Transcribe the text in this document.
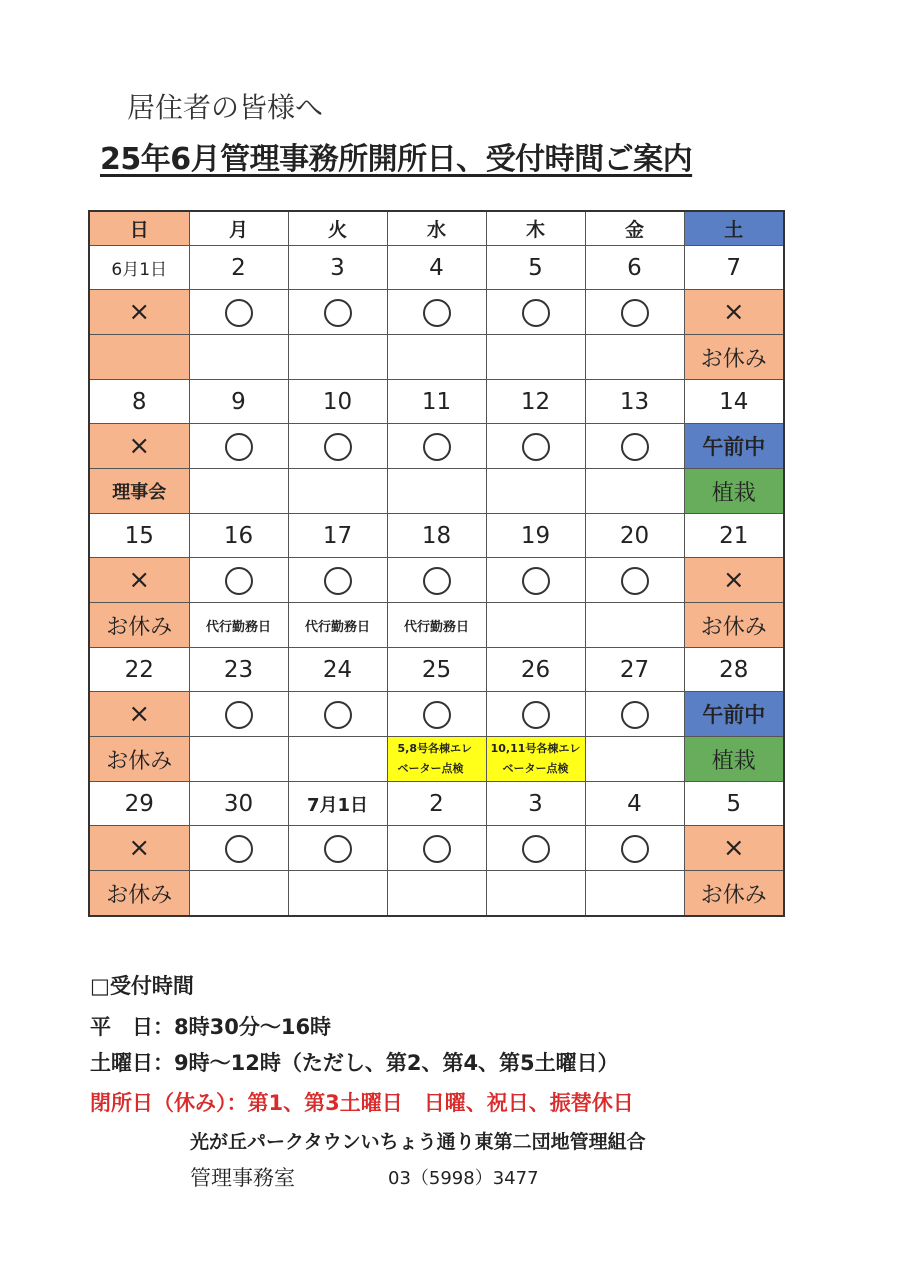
居住者の皆様へ
25年6月管理事務所開所日、受付時間ご案内
日	月	火	水	木	金	土
6月1日	2	3	4	5	6	7
×						×
						お休み
8	9	10	11	12	13	14
×						午前中
理事会						植栽
15	16	17	18	19	20	21
×						×
お休み	代行勤務日	代行勤務日	代行勤務日			お休み
22	23	24	25	26	27	28
×						午前中
お休み			5,8号各棟エレベーター点検	10,11号各棟エレベーター点検		植栽
29	30	7月1日	2	3	4	5
×						×
お休み						お休み
□受付時間
平　日：8時30分～16時
土曜日：9時～12時（ただし、第2、第4、第5土曜日）
閉所日（休み）：第1、第3土曜日　日曜、祝日、振替休日
光が丘パークタウンいちょう通り東第二団地管理組合
管理事務室	03（5998）3477
